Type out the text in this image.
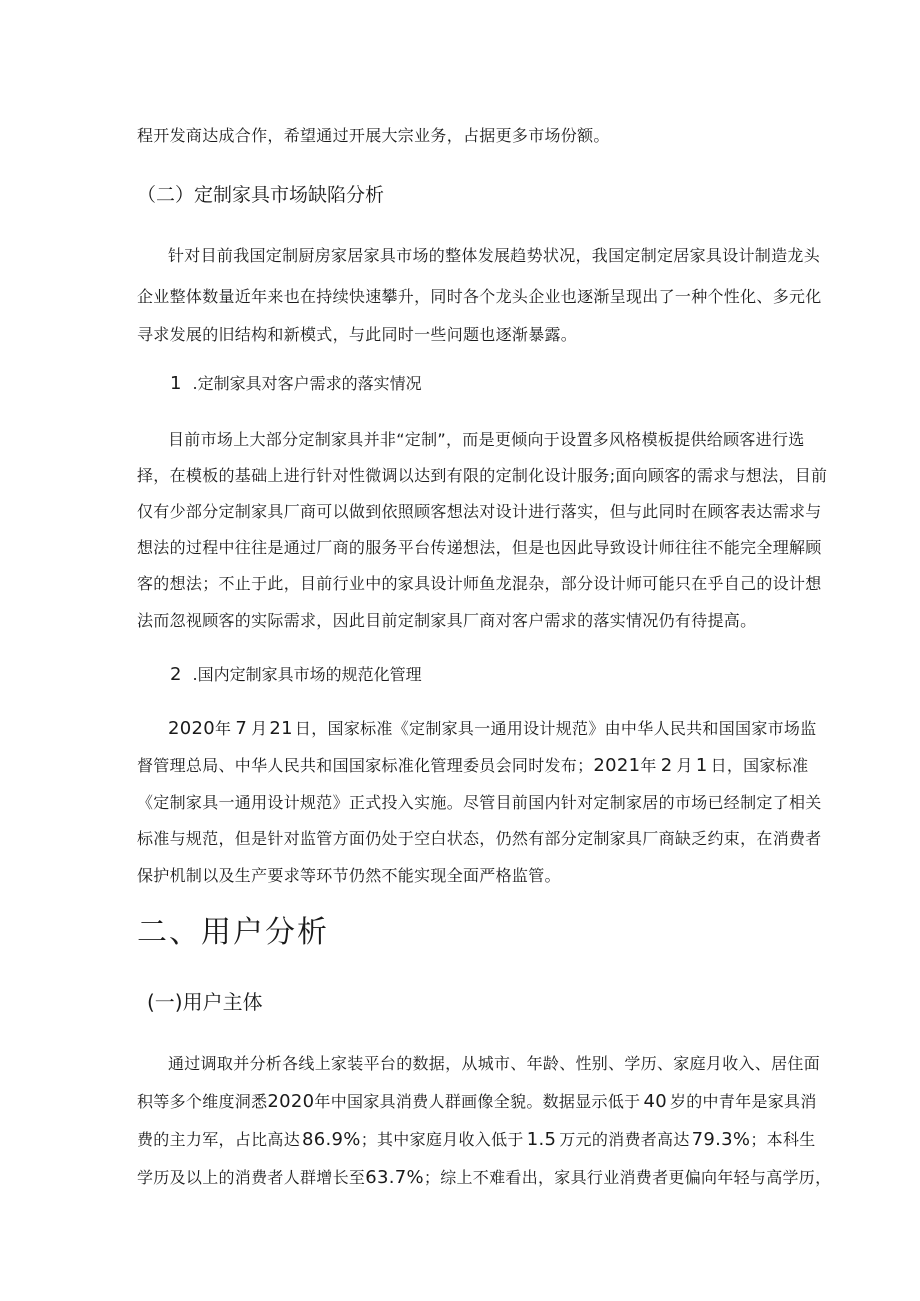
程开发商达成合作，希望通过开展大宗业务，占据更多市场份额。
（二）定制家具市场缺陷分析
针对目前我国定制厨房家居家具市场的整体发展趋势状况，我国定制定居家具设计制造龙头
企业整体数量近年来也在持续快速攀升，同时各个龙头企业也逐渐呈现出了一种个性化、多元化
寻求发展的旧结构和新模式，与此同时一些问题也逐渐暴露。
1 .定制家具对客户需求的落实情况
目前市场上大部分定制家具并非“定制”，而是更倾向于设置多风格模板提供给顾客进行选
择，在模板的基础上进行针对性微调以达到有限的定制化设计服务;面向顾客的需求与想法，目前
仅有少部分定制家具厂商可以做到依照顾客想法对设计进行落实，但与此同时在顾客表达需求与
想法的过程中往往是通过厂商的服务平台传递想法，但是也因此导致设计师往往不能完全理解顾
客的想法；不止于此，目前行业中的家具设计师鱼龙混杂，部分设计师可能只在乎自己的设计想
法而忽视顾客的实际需求，因此目前定制家具厂商对客户需求的落实情况仍有待提高。
2 .国内定制家具市场的规范化管理
2020年 7 月 21 日，国家标准《定制家具一通用设计规范》由中华人民共和国国家市场监
督管理总局、中华人民共和国国家标准化管理委员会同时发布；2021年 2 月 1 日，国家标准
《定制家具一通用设计规范》正式投入实施。尽管目前国内针对定制家居的市场已经制定了相关
标准与规范，但是针对监管方面仍处于空白状态，仍然有部分定制家具厂商缺乏约束，在消费者
保护机制以及生产要求等环节仍然不能实现全面严格监管。
二、用户分析
(一)用户主体
通过调取并分析各线上家装平台的数据，从城市、年龄、性别、学历、家庭月收入、居住面
积等多个维度洞悉2020年中国家具消费人群画像全貌。数据显示低于 40 岁的中青年是家具消
费的主力军，占比高达 86.9%；其中家庭月收入低于 1.5 万元的消费者高达 79.3%；本科生
学历及以上的消费者人群增长至63.7%；综上不难看出，家具行业消费者更偏向年轻与高学历，
